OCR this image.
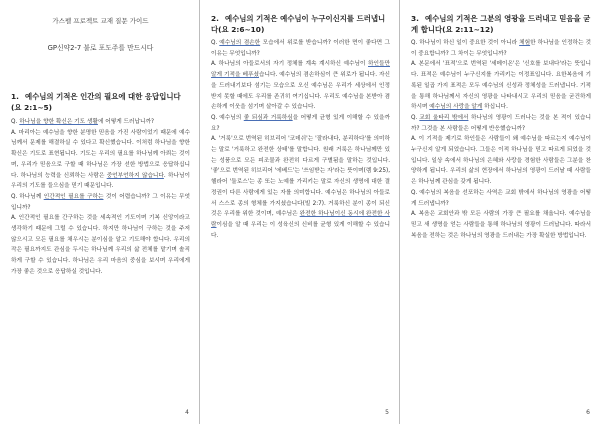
가스펠 프로젝트 교재 질문 가이드
GP신약2-7 불로 포도주를 만드시다
1. 예수님의 기적은 인간의 필요에 대한 응답입니다(요 2:1~5)

Q. 하나님을 향한 확신은 기도 생활에 어떻게 드러납니까?

A. 마리아는 예수님을 향한 분명한 믿음을 가진 사람이었기 때문에 예수님께서 문제를 해결하실 수 있다고 확신했습니다. 이처럼 하나님을 향한 확신은 기도로 표현됩니다. 기도는 우리의 필요를 하나님께 아뢰는 것이며, 우리가 믿음으로 구할 때 하나님은 가장 선한 방법으로 응답하십니다. 하나님의 능력을 신뢰하는 사람은 중언부언하지 않습니다. 하나님이 우리의 기도를 들으심을 믿기 때문입니다.

Q. 하나님께 인간적인 필요를 구하는 것이 어렵습니까? 그 이유는 무엇입니까?

A. 인간적인 필요를 간구하는 것을 세속적인 기도이며 기복 신앙이라고 생각하기 때문에 그럴 수 있습니다. 하지만 하나님이 구하는 것을 주저 않으시고 모든 필요를 채우시는 분이심을 알고 기도해야 합니다. 우리의 작은 필요까지도 관심을 두시는 하나님께 우리의 삶 전체를 맡기며 솔직하게 구할 수 있습니다. 하나님은 우리 마음의 중심을 보시며 우리에게 가장 좋은 것으로 응답하실 것입니다.

4
2. 예수님의 기적은 예수님이 누구이신지를 드러냅니다(요 2:6~10)

Q. 예수님의 겸손한 모습에서 위로를 받습니까? 이러한 면이 좋다면 그 이유는 무엇입니까?

A. 하나님의 아들로서의 자기 정체를 계속 계시하신 예수님이 하인들만 알게 기적을 베푸셨습니다. 예수님의 겸손하심이 큰 위로가 됩니다. 자신을 드러내기보다 섬기는 모습으로 오신 예수님은 우리가 세상에서 인정받지 못할 때에도 우리를 존귀히 여기십니다. 우리도 예수님을 본받아 겸손하게 이웃을 섬기며 살아갈 수 있습니다.

Q. 예수님의 좋 되심과 거룩하심을 어떻게 균형 있게 이해할 수 있을까요?

A. '거룩'으로 번역된 히브리어 '코데쉬'는 '잘라내다, 분리하다'를 의미하는 말로 '거룩하고 완전한 상태'를 말합니다. 원래 거룩은 하나님께만 있는 성품으로 모든 피조물과 완전히 다르게 구별됨을 말하는 것입니다. '좋'으로 번역된 히브리어 '에베드'는 '쓰임받는 자'라는 뜻이며(렘 9:25), 헬라어 '둘로스'는 종 또는 노예를 가리키는 말로 자신의 생명에 대한 결정권이 다른 사람에게 있는 자를 의미합니다. 예수님은 하나님의 아들로서 스스로 종의 형체를 가지셨습니다(빌 2:7). 거룩하신 분이 종이 되신 것은 우리를 위한 것이며, 예수님은 완전한 하나님이신 동시에 완전한 사람이심을 알 때 우리는 이 성육신의 신비를 균형 있게 이해할 수 있습니다.

5
3. 예수님의 기적은 그분의 영광을 드러내고 믿음을 굳게 합니다(요 2:11~12)

Q. 하나님이 하신 일이 중요한 것이 아니라 체험한 하나님을 인정하는 것이 중요합니까? 그 차이는 무엇입니까?

A. 본문에서 '표적'으로 번역된 '세메이온'은 '신호를 보내다'라는 뜻입니다. 표적은 예수님이 누구신지를 가리키는 이정표입니다. 요한복음에 기록된 일곱 가지 표적은 모두 예수님의 신성과 정체성을 드러냅니다. 기적을 통해 하나님께서 자신의 영광을 나타내시고 우리의 믿음을 굳건하게 하시며 예수님의 사랑을 알게 하십니다.

Q. 교회 울타리 밖에서 하나님의 영광이 드러나는 것을 본 적이 있습니까? 그것을 본 사람들은 어떻게 반응했습니까?

A. 이 기적을 제기로 하인들은 사람들이 왜 예수님을 따르는지 예수님이 누구신지 알게 되었습니다. 그들은 이적 하나님을 믿고 따르게 되었을 것입니다. 일상 속에서 하나님의 은혜와 사랑을 경험한 사람들은 그분을 찬양하게 됩니다. 우리의 삶의 현장에서 하나님의 영광이 드러날 때 사람들은 하나님께 관심을 갖게 됩니다.

Q. 예수님의 복음을 선포하는 사역은 교회 밖에서 하나님의 영광을 어떻게 드러냅니까?

A. 복음은 교회안과 밖 모든 사람의 가장 큰 필요를 채웁니다. 예수님을 믿고 새 생명을 얻는 사람들을 통해 하나님의 영광이 드러납니다. 따라서 복음을 전하는 것은 하나님의 영광을 드러내는 가장 확실한 방법입니다.

6
